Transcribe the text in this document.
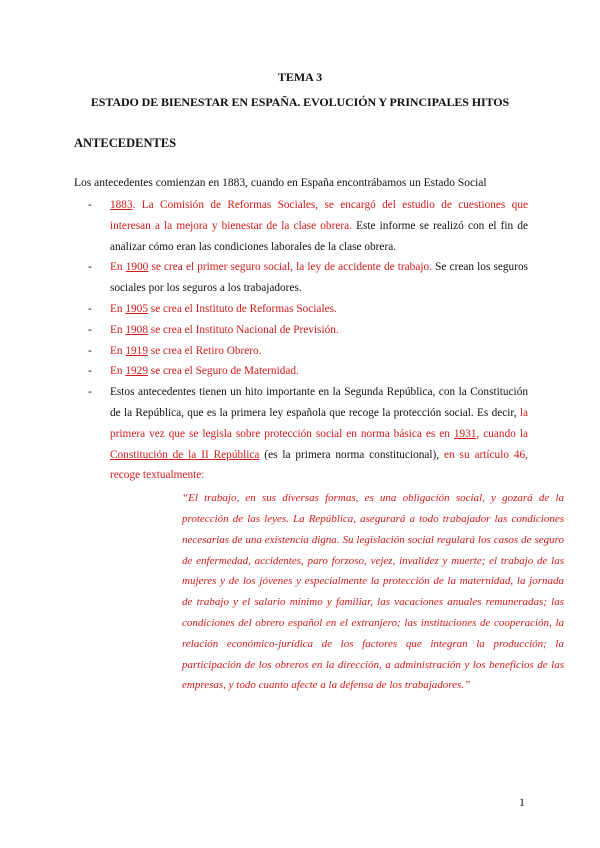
TEMA 3
ESTADO DE BIENESTAR EN ESPAÑA. EVOLUCIÓN Y PRINCIPALES HITOS
ANTECEDENTES
Los antecedentes comienzan en 1883, cuando en España encontrábamos un Estado Social
- 1883. La Comisión de Reformas Sociales, se encargó del estudio de cuestiones que interesan a la mejora y bienestar de la clase obrera. Este informe se realizó con el fin de analizar cómo eran las condiciones laborales de la clase obrera.
- En 1900 se crea el primer seguro social, la ley de accidente de trabajo. Se crean los seguros sociales por los seguros a los trabajadores.
- En 1905 se crea el Instituto de Reformas Sociales.
- En 1908 se crea el Instituto Nacional de Previsión.
- En 1919 se crea el Retiro Obrero.
- En 1929 se crea el Seguro de Maternidad.
- Estos antecedentes tienen un hito importante en la Segunda República, con la Constitución de la República, que es la primera ley española que recoge la protección social. Es decir, la primera vez que se legisla sobre protección social en norma básica es en 1931, cuando la Constitución de la II República (es la primera norma constitucional), en su artículo 46, recoge textualmente:
“El trabajo, en sus diversas formas, es una obligación social, y gozará de la protección de las leyes. La República, asegurará a todo trabajador las condiciones necesarias de una existencia digna. Su legislación social regulará los casos de seguro de enfermedad, accidentes, paro forzoso, vejez, invalidez y muerte; el trabajo de las mujeres y de los jóvenes y especialmente la protección de la maternidad, la jornada de trabajo y el salario mínimo y familiar, las vacaciones anuales remuneradas; las condiciones del obrero español en el extranjero; las instituciones de cooperación, la relación económico-jurídica de los factores que integran la producción; la participación de los obreros en la dirección, a administración y los beneficios de las empresas, y todo cuanto afecte a la defensa de los trabajadores.”
1
